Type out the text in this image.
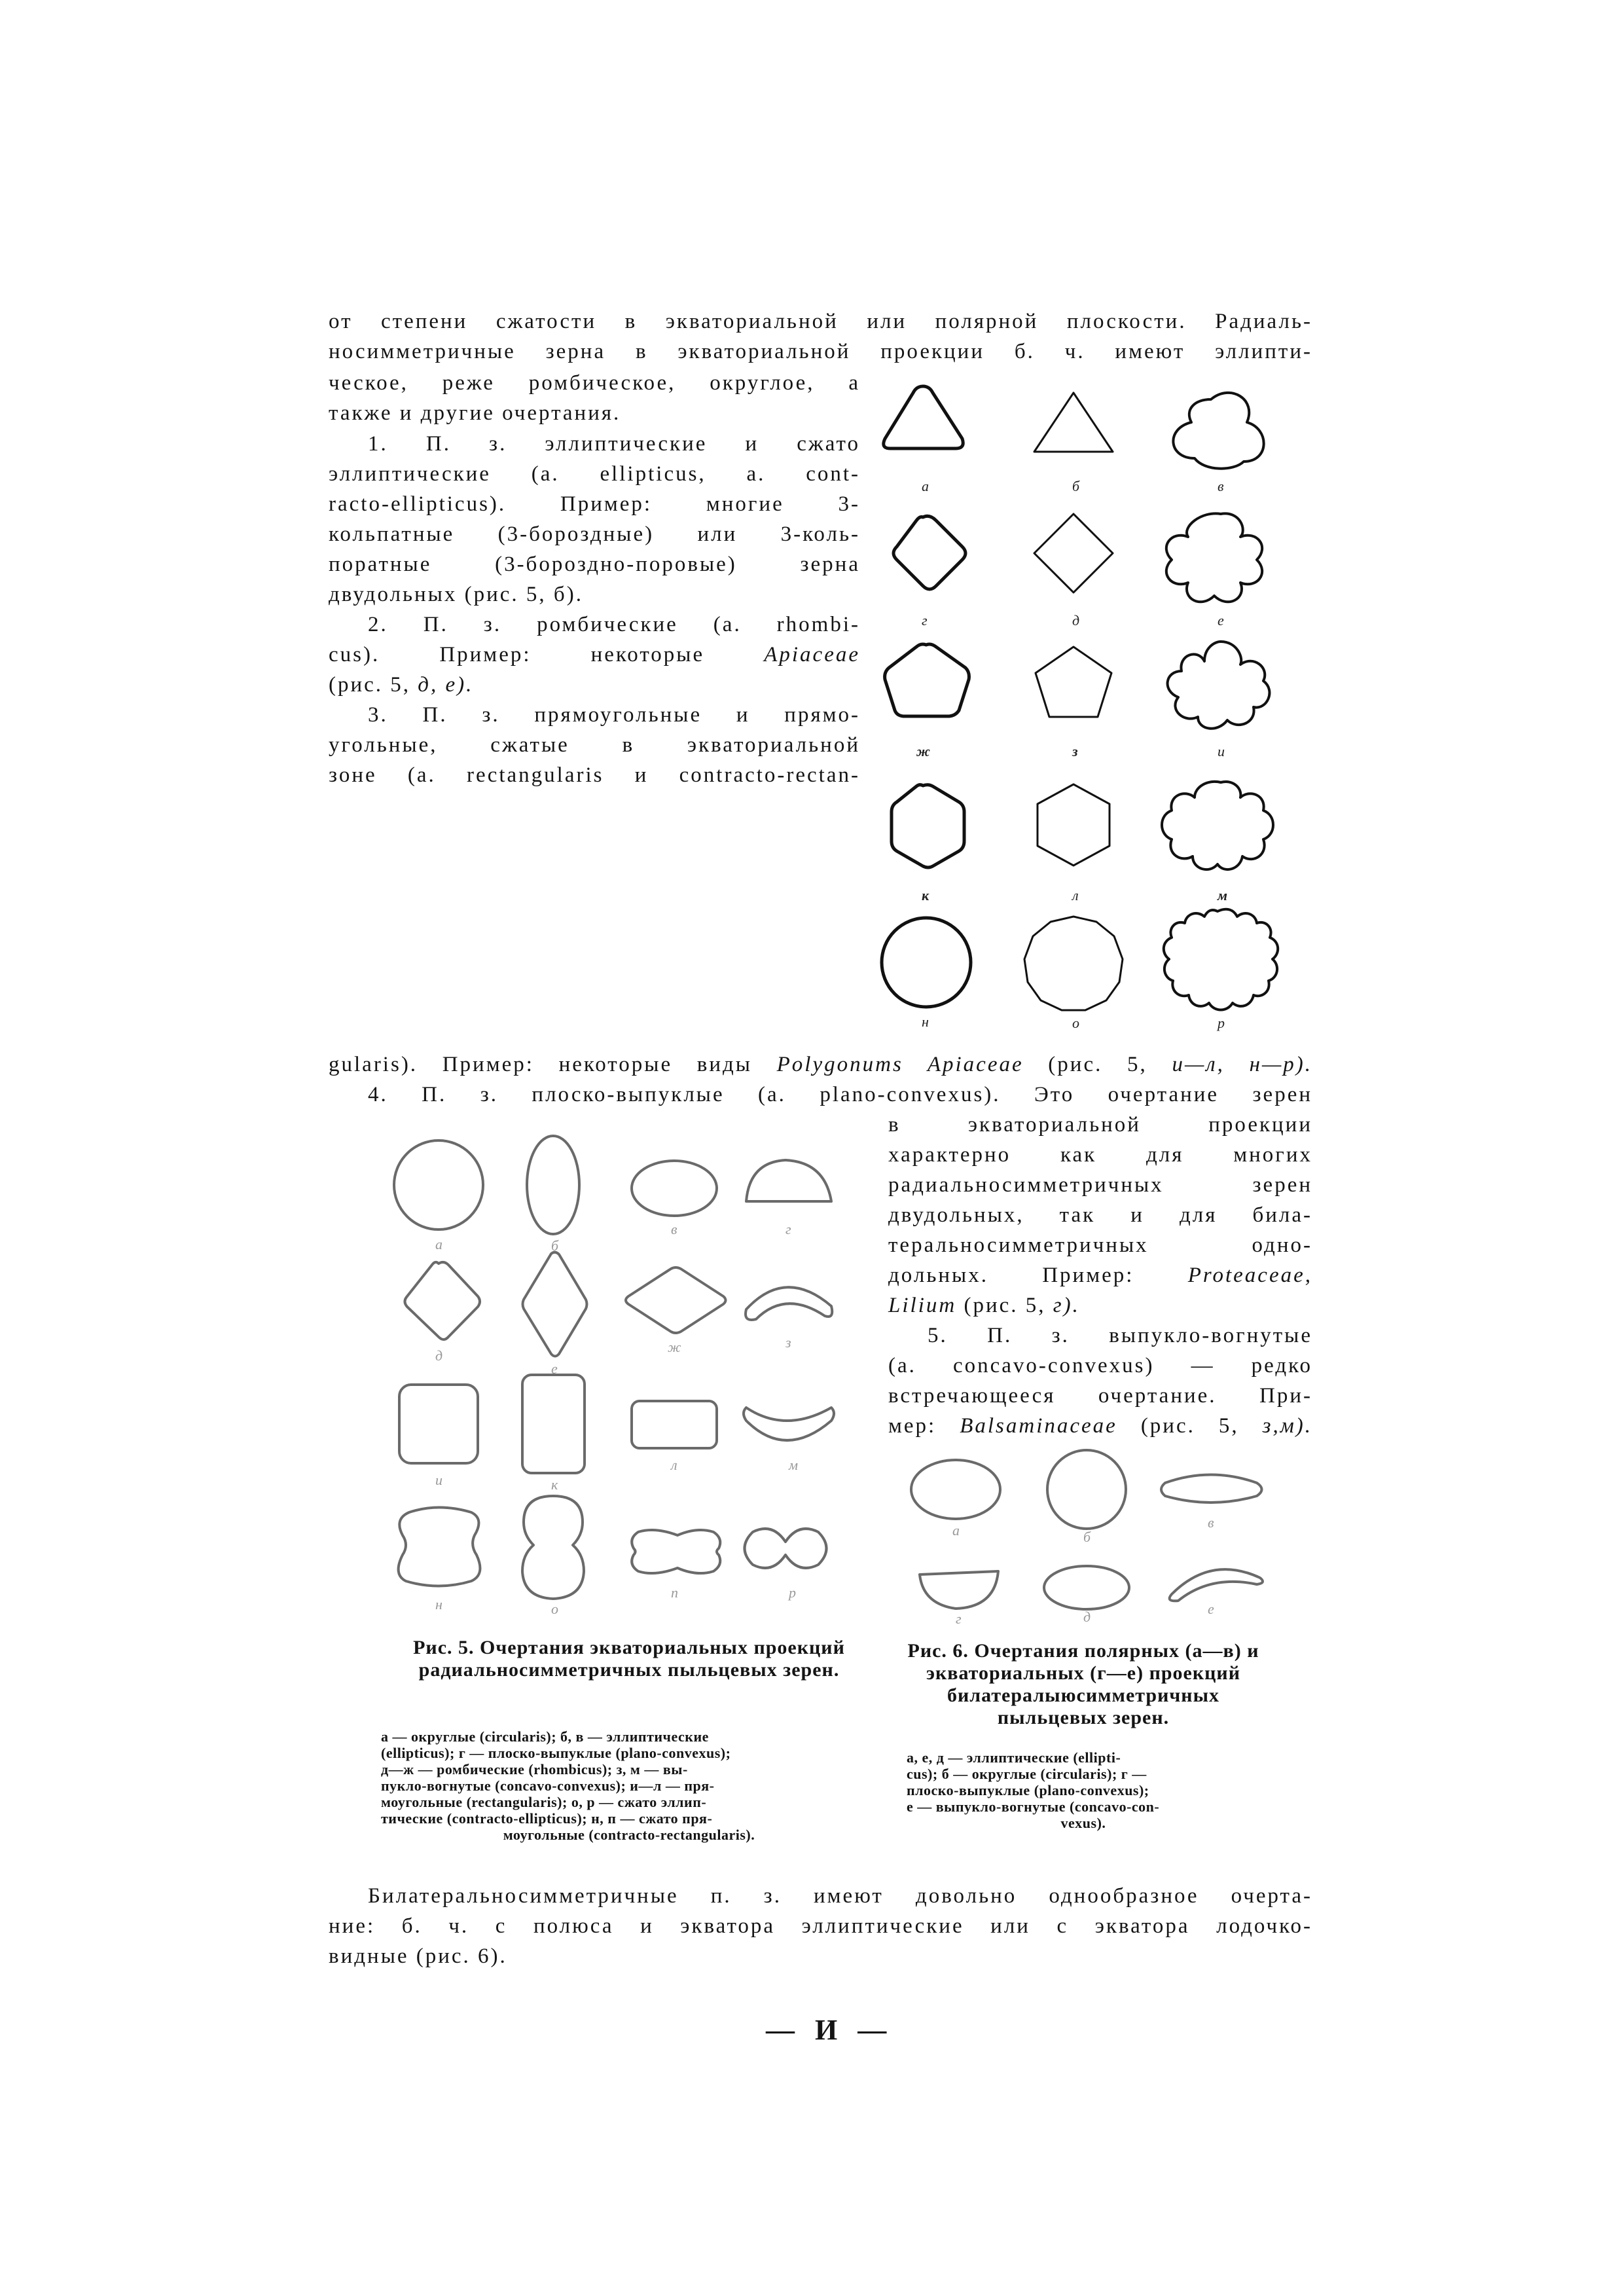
от степени сжатости в экваториальной или полярной плоскости. Радиаль-

носимметричные зерна в экваториальной проекции б. ч. имеют эллипти-

ческое, реже ромбическое, округлое, а

также и другие очертания.

1. П. з. эллиптические и сжато

эллиптические (а. ellipticus, a. cont-

racto-ellipticus). Пример: многие 3-

кольпатные (3-бороздные) или 3-коль-

поратные (3-бороздно-поровые) зерна

двудольных (рис. 5, б).

2. П. з. ромбические (а. rhombi-

cus). Пример: некоторые	Apiaceae

(рис. 5, д, е).

3. П. з. прямоугольные и прямо-

угольные, сжатые в экваториальной

зоне (а. rectangularis и contracto-rectan-

а	б	в
г	д	е
ж	з	и
к	л	м
н	о	р

gularis). Пример: некоторые виды Polygonums Apiaceae (рис. 5, и—л, н—р).

4. П. з. плоско-выпуклые (а. plano-convexus). Это очертание зерен

в экваториальной проекции

характерно как для многих

радиальносимметричных зерен

двудольных, так и для била-

теральносимметричных одно-

дольных. Пример: Proteaceae,

Lilium (рис. 5, г).

5. П. з. выпукло-вогнутые

(а. concavo-convexus) — редко

встречающееся очертание. При-

мер: Balsaminaceae (рис. 5, з,м).

а	б
в	г
д
е
ж	з
и	к
л	м
н	о
п	р
а	б
в
г	д	е
Рис. 5. Очертания экваториальных проекций радиальносимметричных пыльцевых зерен.
а — округлые (circularis); б, в — эллиптические
(ellipticus); г — плоско-выпуклые (plano-convexus);
д—ж — ромбические (rhombicus); з, м — вы-
пукло-вогнутые (concavo-convexus); и—л — пря-
моугольные (rectangularis); о, р — сжато эллип-
тические (contracto-ellipticus); н, п — сжато пря-
моугольные (contracto-rectangularis).
Рис. 6. Очертания полярных (а—в) и экваториальных (г—е) проекций билатералыюсимметричных пыльцевых зерен.
а, е, д — эллиптические (ellipti-
cus); б — округлые (circularis); г —
плоско-выпуклые (plano-convexus);
е — выпукло-вогнутые (concavo-con-
vexus).

Билатеральносимметричные п. з. имеют довольно однообразное очерта-

ние: б. ч. с полюса и экватора эллиптические или с экватора лодочко-

видные (рис. 6).

— И —
